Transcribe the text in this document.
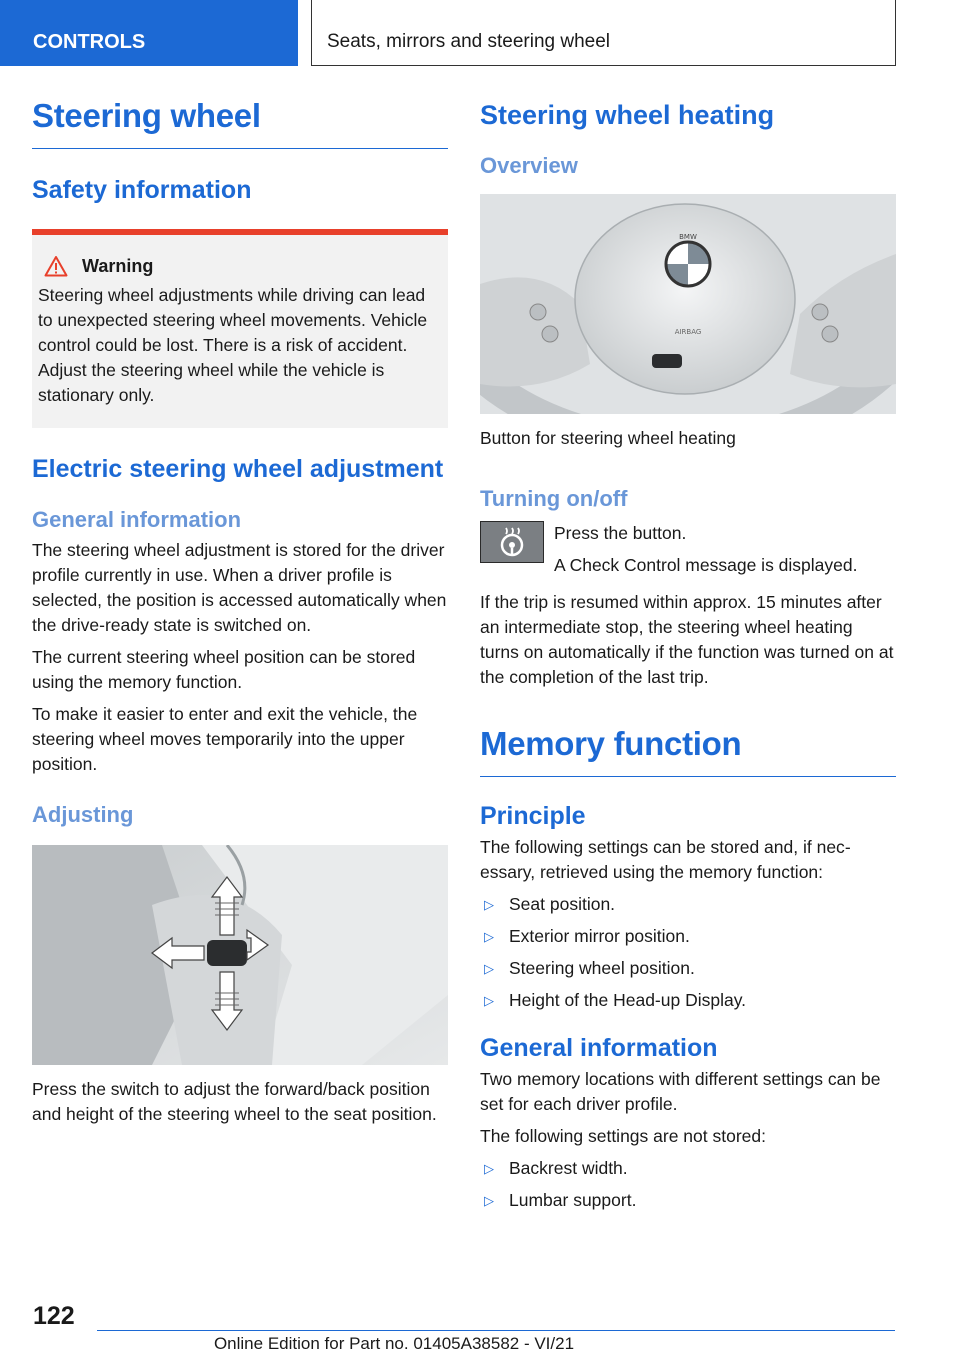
CONTROLS	Seats, mirrors and steering wheel
Steering wheel
Safety information
Warning

Steering wheel adjustments while driving can lead to unexpected steering wheel movements. Vehicle control could be lost. There is a risk of accident. Adjust the steering wheel while the vehicle is stationary only.

Electric steering wheel adjustment
General information

The steering wheel adjustment is stored for the driver profile currently in use. When a driver profile is selected, the position is accessed automatically when the drive-ready state is switched on.

The current steering wheel position can be stored using the memory function.

To make it easier to enter and exit the vehicle, the steering wheel moves temporarily into the upper position.

Adjusting

Press the switch to adjust the forward/back position and height of the steering wheel to the seat position.

Steering wheel heating
Overview
AIRBAG
BMW

Button for steering wheel heating

Turning on/off

Press the button.

A Check Control message is displayed.

If the trip is resumed within approx. 15 minutes after an intermediate stop, the steering wheel heating turns on automatically if the function was turned on at the completion of the last trip.

Memory function
Principle

The following settings can be stored and, if necessary, retrieved using the memory function:

▷ Seat position.
▷ Exterior mirror position.
▷ Steering wheel position.
▷ Height of the Head-up Display.
General information

Two memory locations with different settings can be set for each driver profile.

The following settings are not stored:

▷ Backrest width.
▷ Lumbar support.
122
Online Edition for Part no. 01405A38582 - VI/21
